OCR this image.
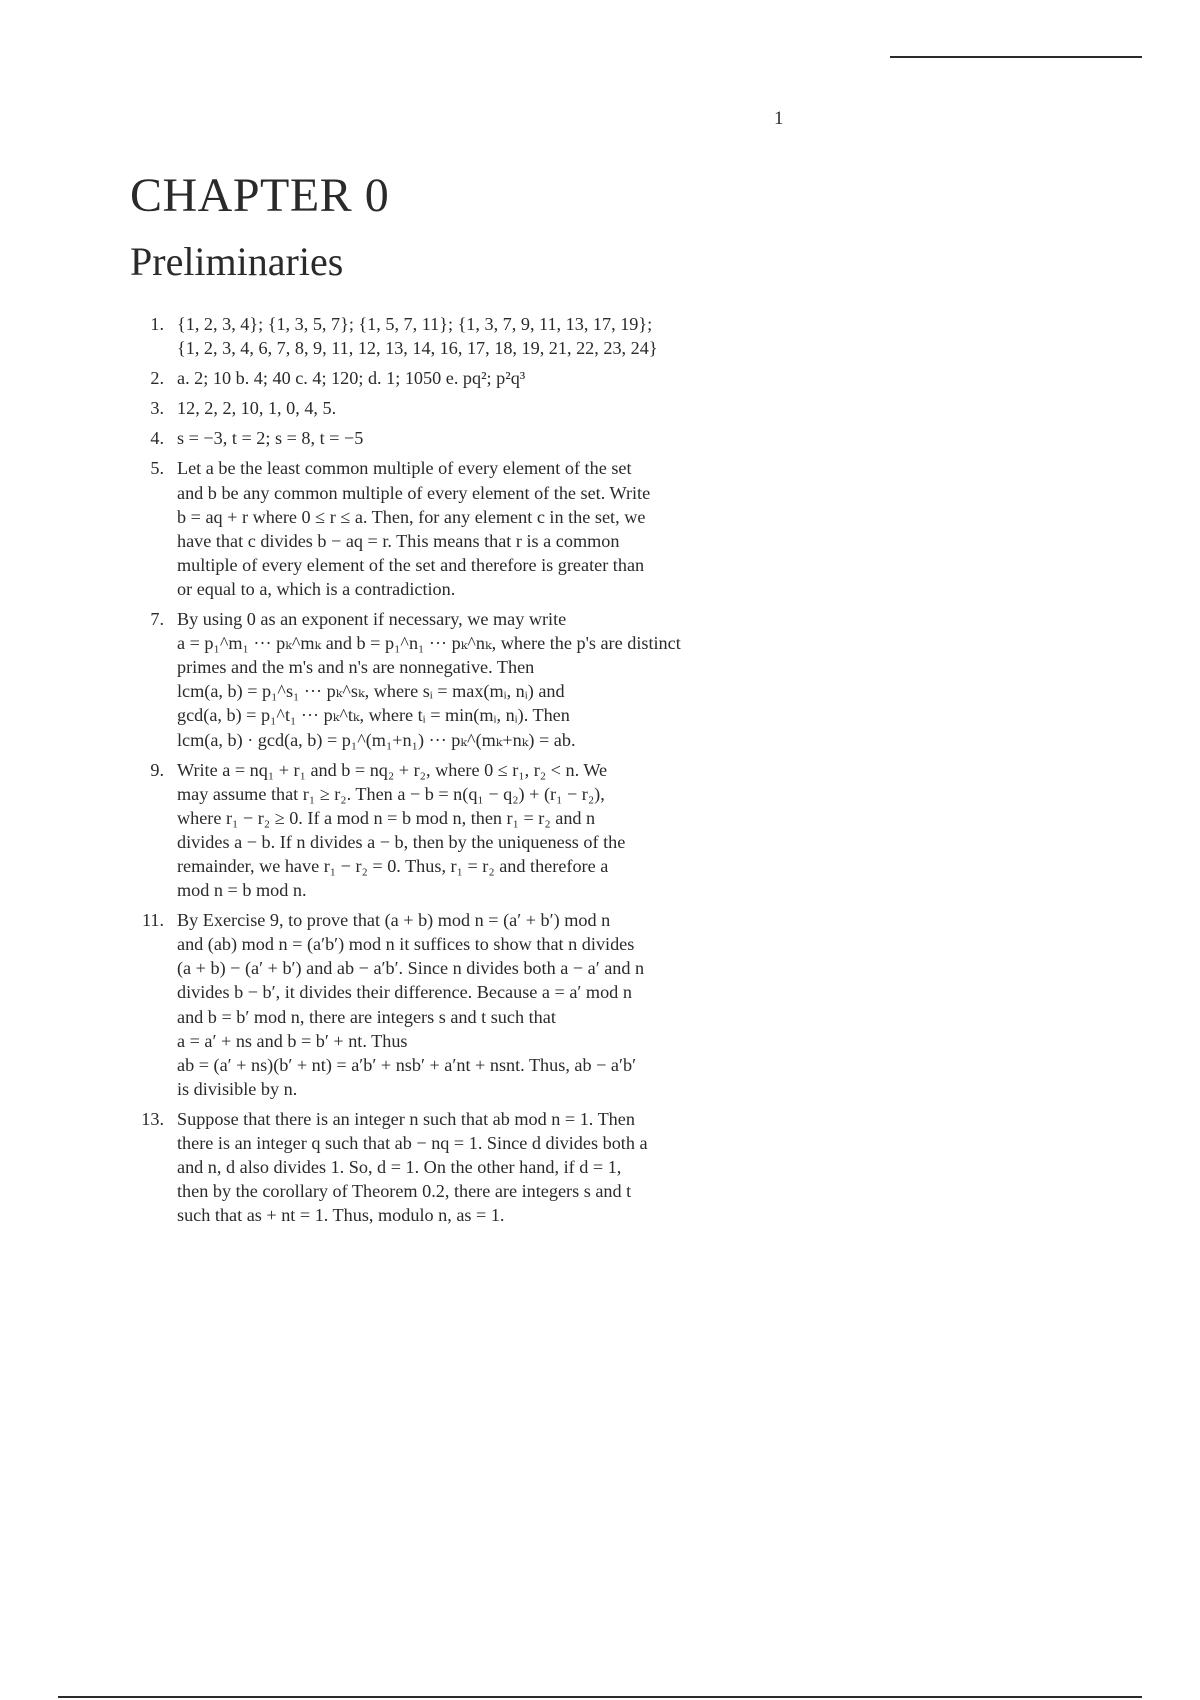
1
CHAPTER 0
Preliminaries
1. {1, 2, 3, 4}; {1, 3, 5, 7}; {1, 5, 7, 11}; {1, 3, 7, 9, 11, 13, 17, 19};
{1, 2, 3, 4, 6, 7, 8, 9, 11, 12, 13, 14, 16, 17, 18, 19, 21, 22, 23, 24}
2. a. 2; 10 b. 4; 40 c. 4; 120; d. 1; 1050 e. pq²; p²q³
3. 12, 2, 2, 10, 1, 0, 4, 5.
4. s = −3, t = 2; s = 8, t = −5
5. Let a be the least common multiple of every element of the set
and b be any common multiple of every element of the set. Write
b = aq + r where 0 ≤ r ≤ a. Then, for any element c in the set, we
have that c divides b − aq = r. This means that r is a common
multiple of every element of the set and therefore is greater than
or equal to a, which is a contradiction.
7. By using 0 as an exponent if necessary, we may write
a = p₁^m₁ ··· pₖ^mₖ and b = p₁^n₁ ··· pₖ^nₖ, where the p's are distinct
primes and the m's and n's are nonnegative. Then
lcm(a, b) = p₁^s₁ ··· pₖ^sₖ, where sᵢ = max(mᵢ, nᵢ) and
gcd(a, b) = p₁^t₁ ··· pₖ^tₖ, where tᵢ = min(mᵢ, nᵢ). Then
lcm(a, b) · gcd(a, b) = p₁^(m₁+n₁) ··· pₖ^(mₖ+nₖ) = ab.
9. Write a = nq₁ + r₁ and b = nq₂ + r₂, where 0 ≤ r₁, r₂ < n. We
may assume that r₁ ≥ r₂. Then a − b = n(q₁ − q₂) + (r₁ − r₂),
where r₁ − r₂ ≥ 0. If a mod n = b mod n, then r₁ = r₂ and n
divides a − b. If n divides a − b, then by the uniqueness of the
remainder, we have r₁ − r₂ = 0. Thus, r₁ = r₂ and therefore a
mod n = b mod n.
11. By Exercise 9, to prove that (a + b) mod n = (a′ + b′) mod n
and (ab) mod n = (a′b′) mod n it suffices to show that n divides
(a + b) − (a′ + b′) and ab − a′b′. Since n divides both a − a′ and n
divides b − b′, it divides their difference. Because a = a′ mod n
and b = b′ mod n, there are integers s and t such that
a = a′ + ns and b = b′ + nt. Thus
ab = (a′ + ns)(b′ + nt) = a′b′ + nsb′ + a′nt + nsnt. Thus, ab − a′b′
is divisible by n.
13. Suppose that there is an integer n such that ab mod n = 1. Then
there is an integer q such that ab − nq = 1. Since d divides both a
and n, d also divides 1. So, d = 1. On the other hand, if d = 1,
then by the corollary of Theorem 0.2, there are integers s and t
such that as + nt = 1. Thus, modulo n, as = 1.
